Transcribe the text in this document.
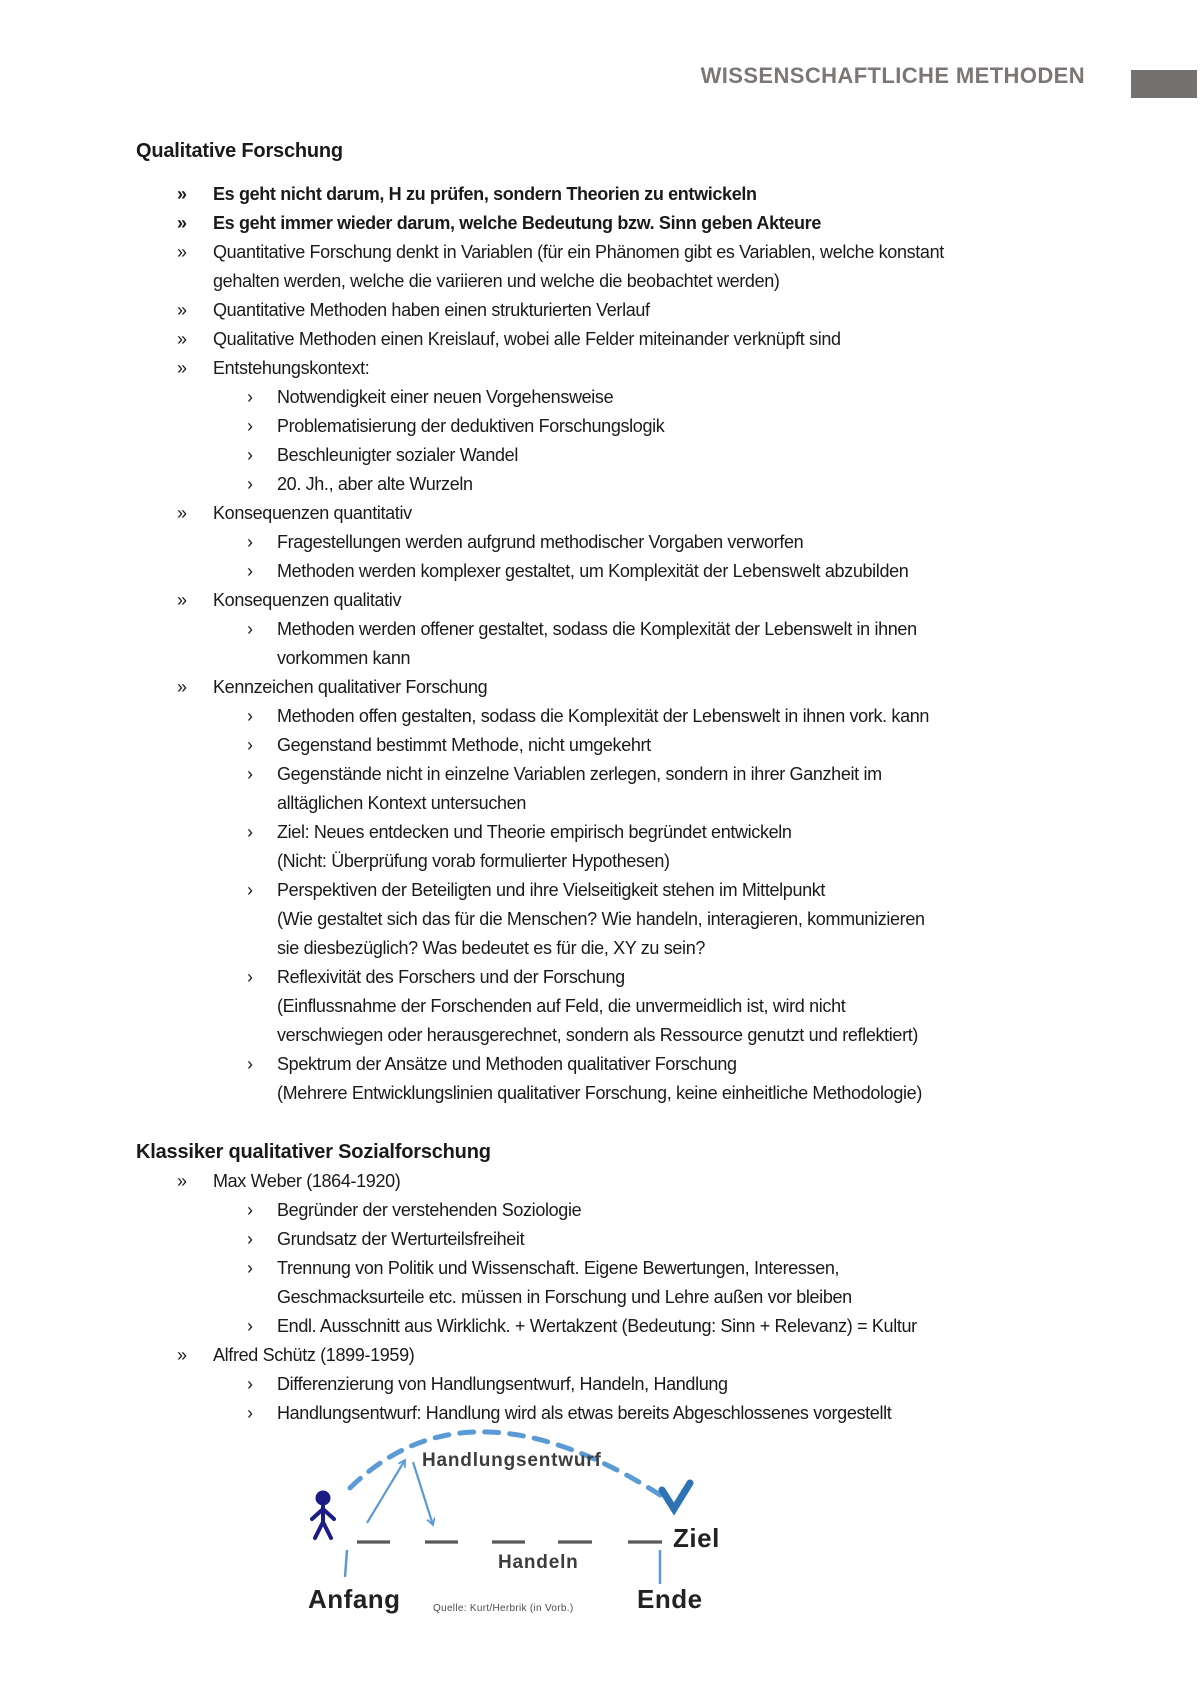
WISSENSCHAFTLICHE METHODEN
Qualitative Forschung
»	Es geht nicht darum, H zu prüfen, sondern Theorien zu entwickeln
»	Es geht immer wieder darum, welche Bedeutung bzw. Sinn geben Akteure
»	Quantitative Forschung denkt in Variablen (für ein Phänomen gibt es Variablen, welche konstant
gehalten werden, welche die variieren und welche die beobachtet werden)
»	Quantitative Methoden haben einen strukturierten Verlauf
»	Qualitative Methoden einen Kreislauf, wobei alle Felder miteinander verknüpft sind
»	Entstehungskontext:
›	Notwendigkeit einer neuen Vorgehensweise
›	Problematisierung der deduktiven Forschungslogik
›	Beschleunigter sozialer Wandel
›	20. Jh., aber alte Wurzeln
»	Konsequenzen quantitativ
›	Fragestellungen werden aufgrund methodischer Vorgaben verworfen
›	Methoden werden komplexer gestaltet, um Komplexität der Lebenswelt abzubilden
»	Konsequenzen qualitativ
›	Methoden werden offener gestaltet, sodass die Komplexität der Lebenswelt in ihnen
vorkommen kann
»	Kennzeichen qualitativer Forschung
›	Methoden offen gestalten, sodass die Komplexität der Lebenswelt in ihnen vork. kann
›	Gegenstand bestimmt Methode, nicht umgekehrt
›	Gegenstände nicht in einzelne Variablen zerlegen, sondern in ihrer Ganzheit im
alltäglichen Kontext untersuchen
›	Ziel: Neues entdecken und Theorie empirisch begründet entwickeln
(Nicht: Überprüfung vorab formulierter Hypothesen)
›	Perspektiven der Beteiligten und ihre Vielseitigkeit stehen im Mittelpunkt
(Wie gestaltet sich das für die Menschen? Wie handeln, interagieren, kommunizieren
sie diesbezüglich? Was bedeutet es für die, XY zu sein?
›	Reflexivität des Forschers und der Forschung
(Einflussnahme der Forschenden auf Feld, die unvermeidlich ist, wird nicht
verschwiegen oder herausgerechnet, sondern als Ressource genutzt und reflektiert)
›	Spektrum der Ansätze und Methoden qualitativer Forschung
(Mehrere Entwicklungslinien qualitativer Forschung, keine einheitliche Methodologie)
Klassiker qualitativer Sozialforschung
»	Max Weber (1864-1920)
›	Begründer der verstehenden Soziologie
›	Grundsatz der Werturteilsfreiheit
›	Trennung von Politik und Wissenschaft. Eigene Bewertungen, Interessen,
Geschmacksurteile etc. müssen in Forschung und Lehre außen vor bleiben
›	Endl. Ausschnitt aus Wirklichk. + Wertakzent (Bedeutung: Sinn + Relevanz) = Kultur
»	Alfred Schütz (1899-1959)
›	Differenzierung von Handlungsentwurf, Handeln, Handlung
›	Handlungsentwurf: Handlung wird als etwas bereits Abgeschlossenes vorgestellt
Handlungsentwurf
Ziel
Handeln
Anfang	Ende
Quelle: Kurt/Herbrik (in Vorb.)
